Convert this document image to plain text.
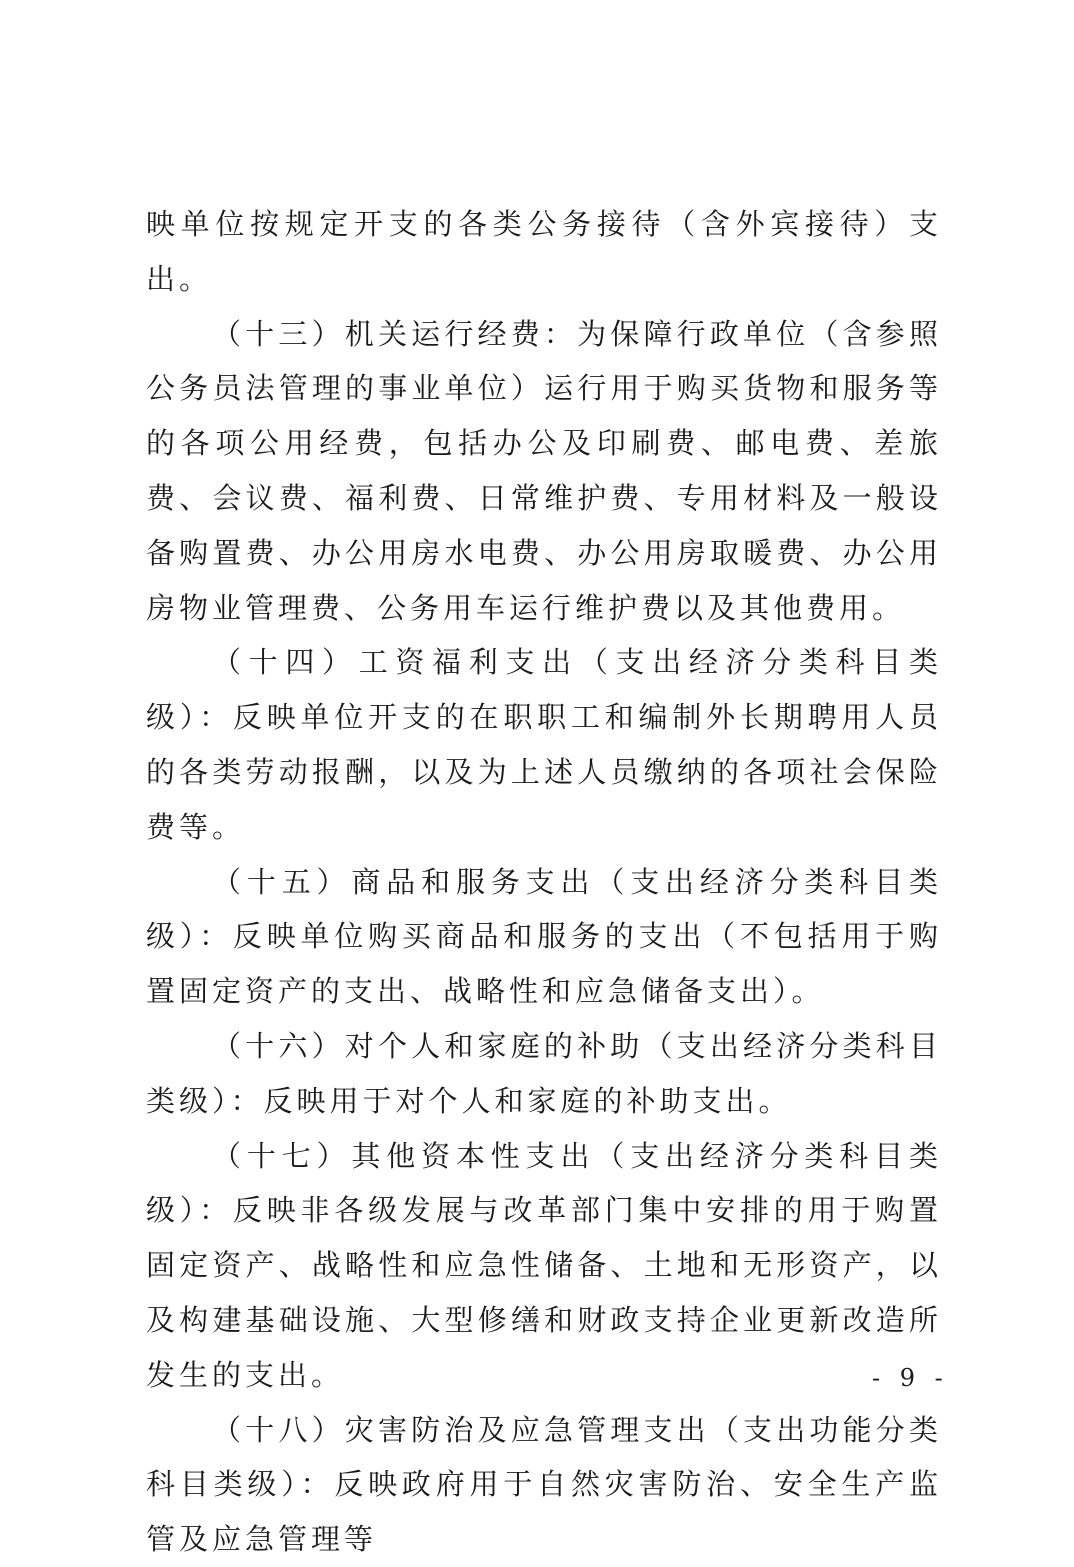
映单位按规定开支的各类公务接待（含外宾接待）支出。

（十三）机关运行经费：为保障行政单位（含参照公务员法管理的事业单位）运行用于购买货物和服务等的各项公用经费，包括办公及印刷费、邮电费、差旅费、会议费、福利费、日常维护费、专用材料及一般设备购置费、办公用房水电费、办公用房取暖费、办公用房物业管理费、公务用车运行维护费以及其他费用。

（十四）工资福利支出（支出经济分类科目类级）：反映单位开支的在职职工和编制外长期聘用人员的各类劳动报酬，以及为上述人员缴纳的各项社会保险费等。

（十五）商品和服务支出（支出经济分类科目类级）：反映单位购买商品和服务的支出（不包括用于购置固定资产的支出、战略性和应急储备支出）。

（十六）对个人和家庭的补助（支出经济分类科目类级）：反映用于对个人和家庭的补助支出。

（十七）其他资本性支出（支出经济分类科目类级）：反映非各级发展与改革部门集中安排的用于购置固定资产、战略性和应急性储备、土地和无形资产，以及构建基础设施、大型修缮和财政支持企业更新改造所发生的支出。

（十八）灾害防治及应急管理支出（支出功能分类科目类级）：反映政府用于自然灾害防治、安全生产监管及应急管理等

- 9 -
